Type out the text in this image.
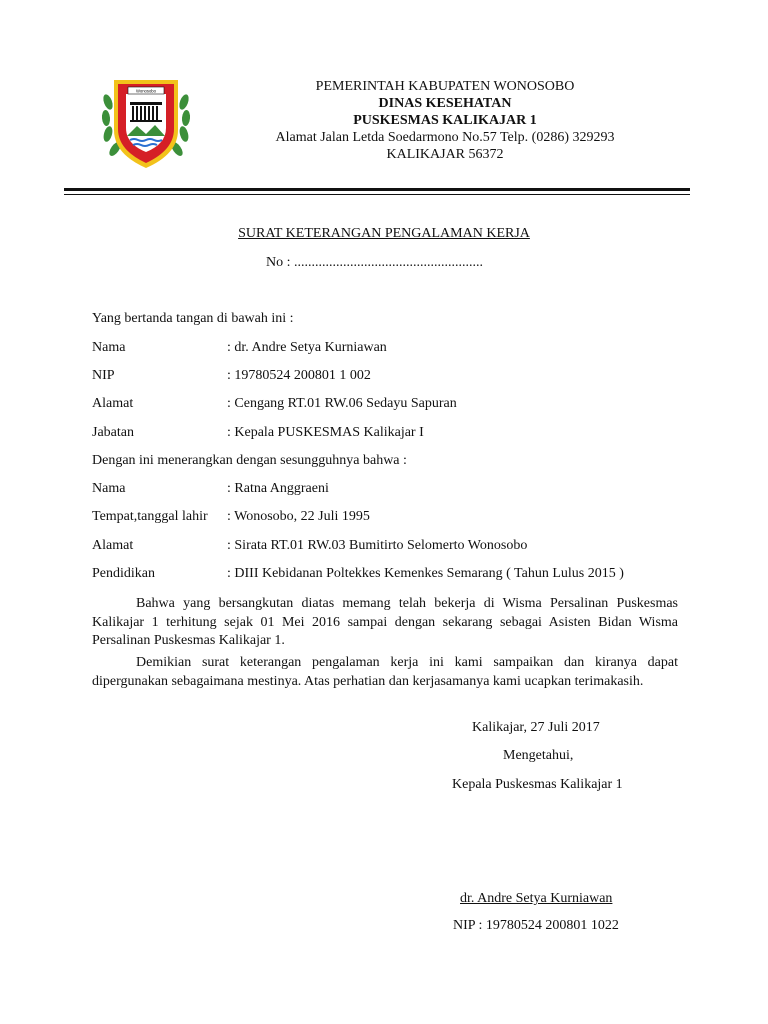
Wonosobo	PEMERINTAH KABUPATEN WONOSOBO
DINAS KESEHATAN
PUSKESMAS KALIKAJAR 1
Alamat Jalan Letda Soedarmono No.57 Telp. (0286) 329293
KALIKAJAR 56372
SURAT KETERANGAN PENGALAMAN KERJA
No : ......................................................
Yang bertanda tangan di bawah ini :
Nama	: dr. Andre Setya Kurniawan
NIP	: 19780524 200801 1 002
Alamat	: Cengang RT.01 RW.06 Sedayu Sapuran
Jabatan	: Kepala PUSKESMAS Kalikajar I
Dengan ini menerangkan dengan sesungguhnya bahwa :
Nama	: Ratna Anggraeni
Tempat,tanggal lahir : Wonosobo, 22 Juli 1995
Alamat	: Sirata RT.01 RW.03 Bumitirto Selomerto Wonosobo
Pendidikan	: DIII Kebidanan Poltekkes Kemenkes Semarang ( Tahun Lulus 2015 )
Bahwa yang bersangkutan diatas memang telah bekerja di Wisma Persalinan Puskesmas Kalikajar 1 terhitung sejak 01 Mei 2016 sampai dengan sekarang sebagai Asisten Bidan Wisma Persalinan Puskesmas Kalikajar 1.
Demikian surat keterangan pengalaman kerja ini kami sampaikan dan kiranya dapat dipergunakan sebagaimana mestinya. Atas perhatian dan kerjasamanya kami ucapkan terimakasih.
Kalikajar, 27 Juli 2017
Mengetahui,
Kepala Puskesmas Kalikajar 1
dr. Andre Setya Kurniawan
NIP : 19780524 200801 1022
